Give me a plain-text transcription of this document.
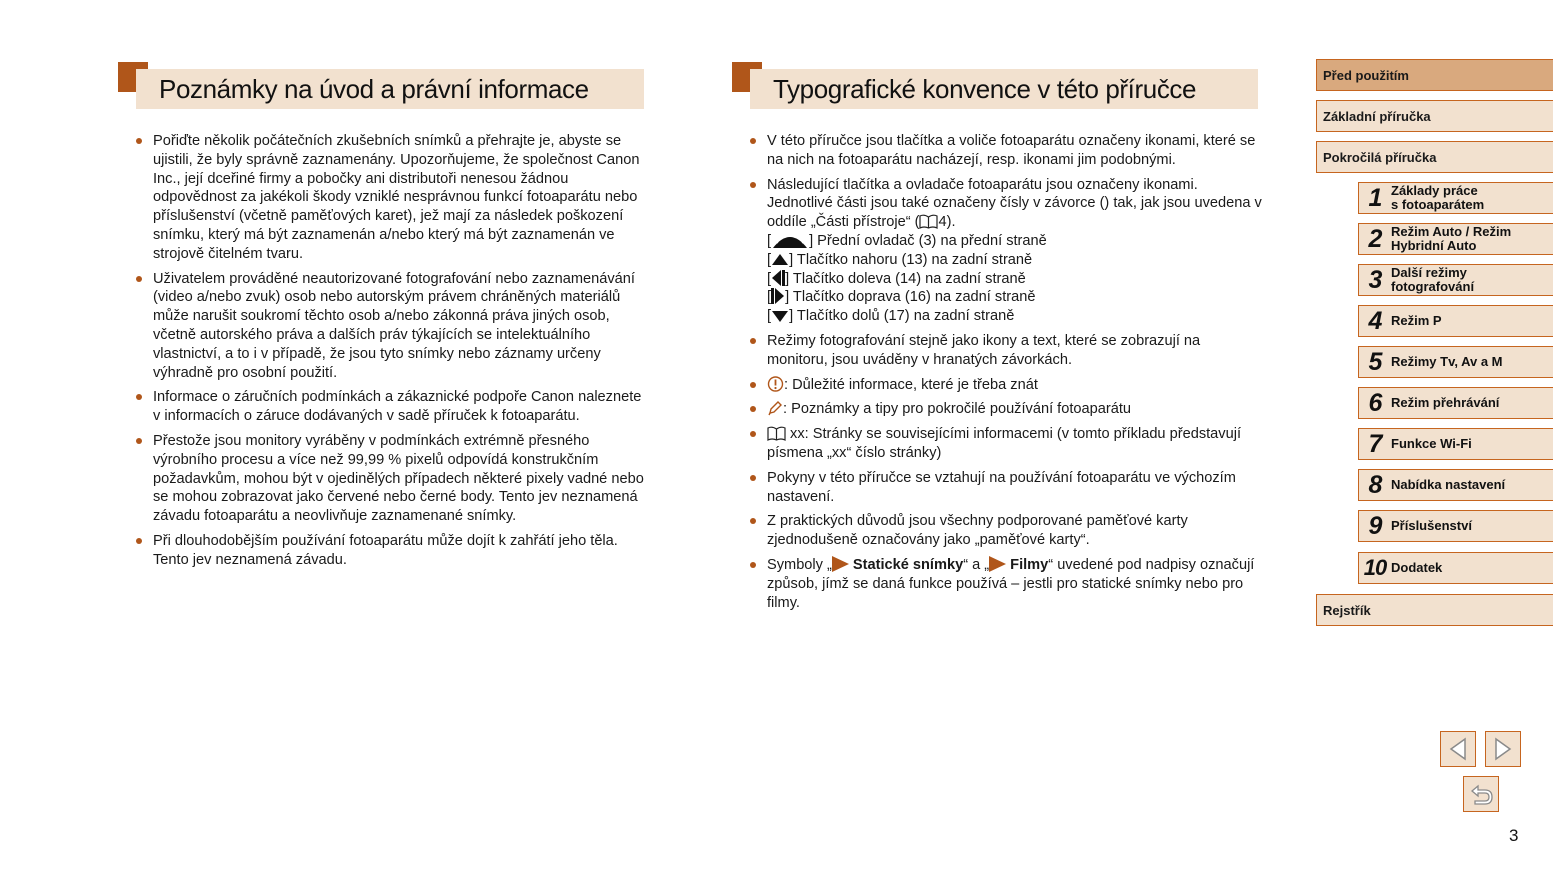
Poznámky na úvod a právní informace
Pořiďte několik počátečních zkušebních snímků a přehrajte je, abyste se ujistili, že byly správně zaznamenány. Upozorňujeme, že společnost Canon Inc., její dceřiné firmy a pobočky ani distributoři nenesou žádnou odpovědnost za jakékoli škody vzniklé nesprávnou funkcí fotoaparátu nebo příslušenství (včetně paměťových karet), jež mají za následek poškození snímku, který má být zaznamenán a/nebo který má být zaznamenán ve strojově čitelném tvaru.
Uživatelem prováděné neautorizované fotografování nebo zaznamenávání (video a/nebo zvuk) osob nebo autorským právem chráněných materiálů může narušit soukromí těchto osob a/nebo zákonná práva jiných osob, včetně autorského práva a dalších práv týkajících se intelektuálního vlastnictví, a to i v případě, že jsou tyto snímky nebo záznamy určeny výhradně pro osobní použití.
Informace o záručních podmínkách a zákaznické podpoře Canon naleznete v informacích o záruce dodávaných v sadě příruček k fotoaparátu.
Přestože jsou monitory vyráběny v podmínkách extrémně přesného výrobního procesu a více než 99,99 % pixelů odpovídá konstrukčním požadavkům, mohou být v ojedinělých případech některé pixely vadné nebo se mohou zobrazovat jako červené nebo černé body. Tento jev neznamená závadu fotoaparátu a neovlivňuje zaznamenané snímky.
Při dlouhodobějším používání fotoaparátu může dojít k zahřátí jeho těla. Tento jev neznamená závadu.
Typografické konvence v této příručce
V této příručce jsou tlačítka a voliče fotoaparátu označeny ikonami, které se na nich na fotoaparátu nacházejí, resp. ikonami jim podobnými.
Následující tlačítka a ovladače fotoaparátu jsou označeny ikonami. Jednotlivé části jsou také označeny čísly v závorce () tak, jak jsou uvedena v oddíle „Části přístroje“ ( 4).
[	] Přední ovladač (3) na přední straně
[ ] Tlačítko nahoru (13) na zadní straně
[ ] Tlačítko doleva (14) na zadní straně
[ ] Tlačítko doprava (16) na zadní straně
[ ] Tlačítko dolů (17) na zadní straně
Režimy fotografování stejně jako ikony a text, které se zobrazují na monitoru, jsou uváděny v hranatých závorkách.
: Důležité informace, které je třeba znát
: Poznámky a tipy pro pokročilé používání fotoaparátu
xx: Stránky se souvisejícími informacemi (v tomto příkladu představují písmena „xx“ číslo stránky)
Pokyny v této příručce se vztahují na používání fotoaparátu ve výchozím nastavení.
Z praktických důvodů jsou všechny podporované paměťové karty zjednodušeně označovány jako „paměťové karty“.
Symboly „ Statické snímky“ a „ Filmy“ uvedené pod nadpisy označují způsob, jímž se daná funkce používá – jestli pro statické snímky nebo pro filmy.
Před použitím
Základní příručka
Pokročilá příručka
1 Základy práce
s fotoaparátem
2 Režim Auto / Režim
Hybridní Auto
3 Další režimy
fotografování
4 Režim P
5 Režimy Tv, Av a M
6 Režim přehrávání
7 Funkce Wi-Fi
8 Nabídka nastavení
9 Příslušenství
10 Dodatek
Rejstřík
3
